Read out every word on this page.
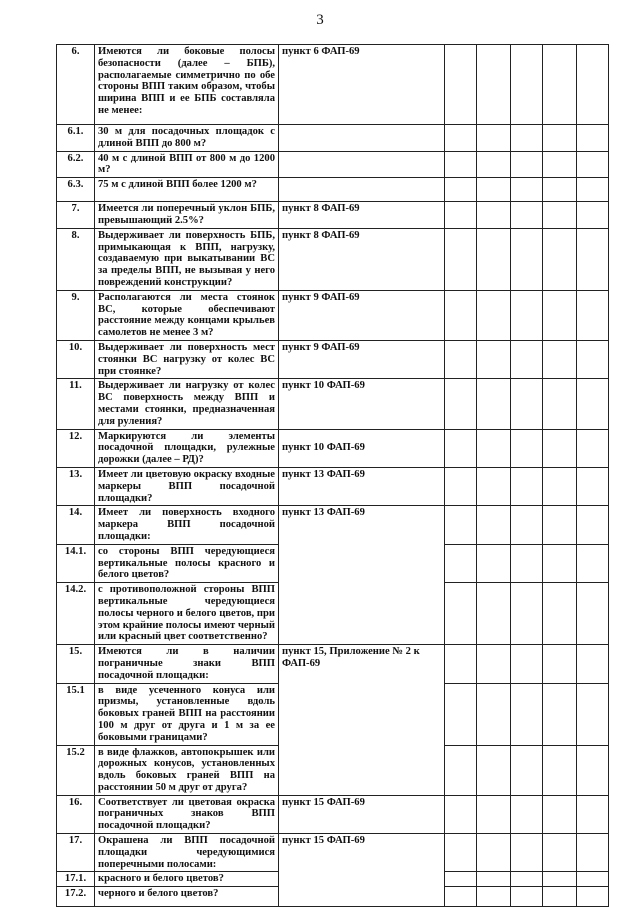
3
6.	Имеются ли боковые полосы безопасности (далее – БПБ), располагаемые симметрично по обе стороны ВПП таким образом, чтобы ширина ВПП и ее БПБ составляла не менее:	пункт 6 ФАП-69					
6.1.	30 м для посадочных площадок с длиной ВПП до 800 м?						
6.2.	40 м с длиной ВПП от 800 м до 1200 м?						
6.3.	75 м с длиной ВПП более 1200 м?						
7.	Имеется ли поперечный уклон БПБ, превышающий 2.5%?	пункт 8 ФАП-69					
8.	Выдерживает ли поверхность БПБ, примыкающая к ВПП, нагрузку, создаваемую при выкатывании ВС за пределы ВПП, не вызывая у него повреждений конструкции?	пункт 8 ФАП-69					
9.	Располагаются ли места стоянок ВС, которые обеспечивают расстояние между концами крыльев самолетов не менее 3 м?	пункт 9 ФАП-69					
10.	Выдерживает ли поверхность мест стоянки ВС нагрузку от колес ВС при стоянке?	пункт 9 ФАП-69					
11.	Выдерживает ли нагрузку от колес ВС поверхность между ВПП и местами стоянки, предназначенная для руления?	пункт 10 ФАП-69					
12.	Маркируются ли элементы посадочной площадки, рулежные дорожки (далее – РД)?	пункт 10 ФАП-69					
13.	Имеет ли цветовую окраску входные маркеры ВПП посадочной площадки?	пункт 13 ФАП-69					
14.	Имеет ли поверхность входного маркера ВПП посадочной площадки:	пункт 13 ФАП-69					
14.1.	со стороны ВПП чередующиеся вертикальные полосы красного и белого цветов?						
14.2.	с противоположной стороны ВПП вертикальные чередующиеся полосы черного и белого цветов, при этом крайние полосы имеют черный или красный цвет соответственно?						
15.	Имеются ли в наличии пограничные знаки ВПП посадочной площадки:	пункт 15, Приложение № 2 к ФАП-69					
15.1	в виде усеченного конуса или призмы, установленные вдоль боковых граней ВПП на расстоянии 100 м друг от друга и 1 м за ее боковыми границами?						
15.2	в виде флажков, автопокрышек или дорожных конусов, установленных вдоль боковых граней ВПП на расстоянии 50 м друг от друга?						
16.	Соответствует ли цветовая окраска пограничных знаков ВПП посадочной площадки?	пункт 15 ФАП-69					
17.	Окрашена ли ВПП посадочной площадки чередующимися поперечными полосами:	пункт 15 ФАП-69					
17.1.	красного и белого цветов?						
17.2.	черного и белого цветов?						
